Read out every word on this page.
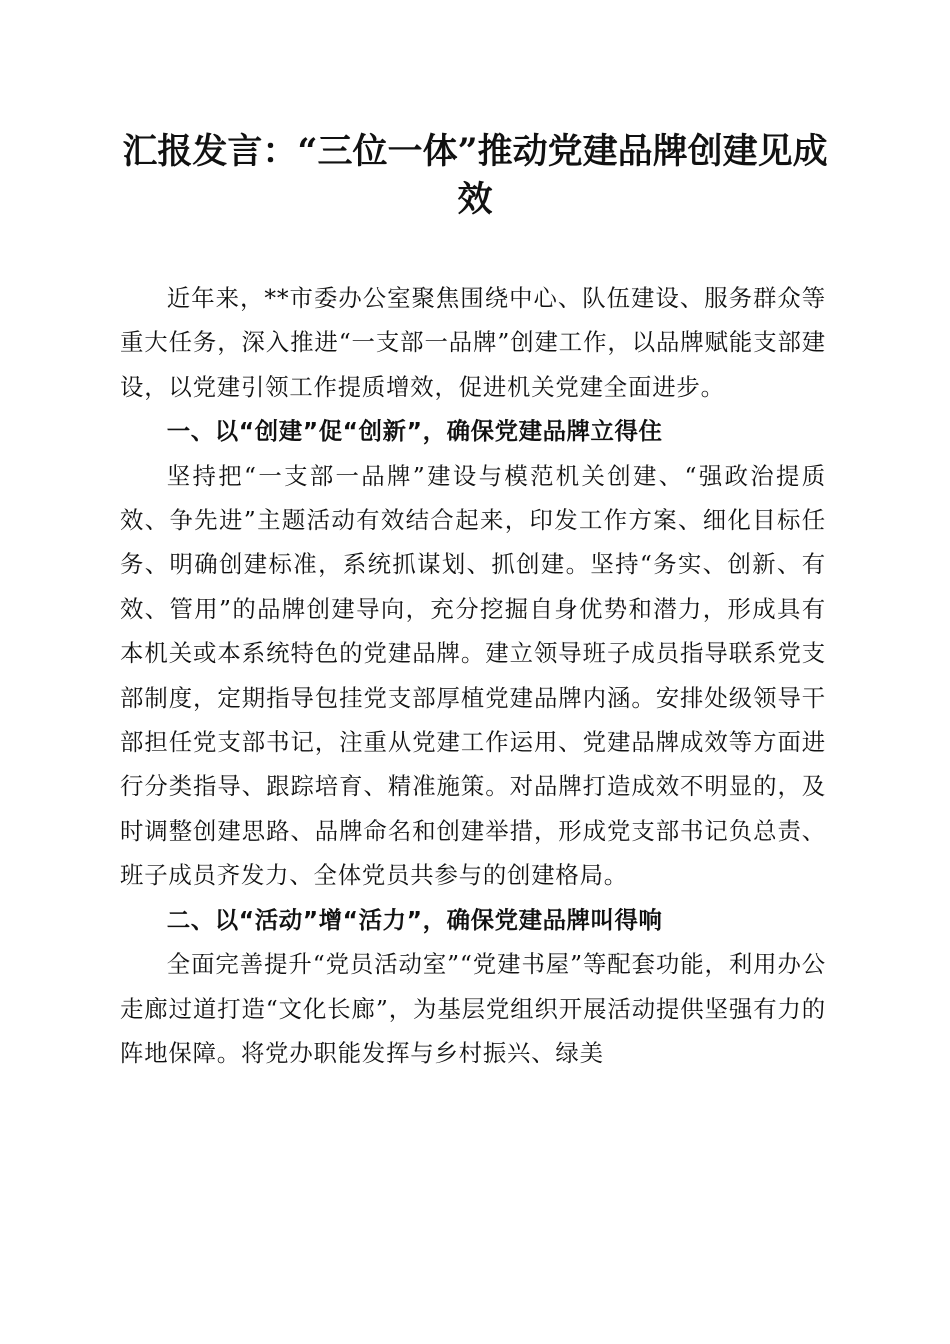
汇报发言：“三位一体”推动党建品牌创建见成效

近年来，**市委办公室聚焦围绕中心、队伍建设、服务群众等重大任务，深入推进“一支部一品牌”创建工作，以品牌赋能支部建设，以党建引领工作提质增效，促进机关党建全面进步。

一、以“创建”促“创新”，确保党建品牌立得住

坚持把“一支部一品牌”建设与模范机关创建、“强政治提质效、争先进”主题活动有效结合起来，印发工作方案、细化目标任务、明确创建标准，系统抓谋划、抓创建。坚持“务实、创新、有效、管用”的品牌创建导向，充分挖掘自身优势和潜力，形成具有本机关或本系统特色的党建品牌。建立领导班子成员指导联系党支部制度，定期指导包挂党支部厚植党建品牌内涵。安排处级领导干部担任党支部书记，注重从党建工作运用、党建品牌成效等方面进行分类指导、跟踪培育、精准施策。对品牌打造成效不明显的，及时调整创建思路、品牌命名和创建举措，形成党支部书记负总责、班子成员齐发力、全体党员共参与的创建格局。

二、以“活动”增“活力”，确保党建品牌叫得响

全面完善提升“党员活动室”“党建书屋”等配套功能，利用办公走廊过道打造“文化长廊”，为基层党组织开展活动提供坚强有力的阵地保障。将党办职能发挥与乡村振兴、绿美
